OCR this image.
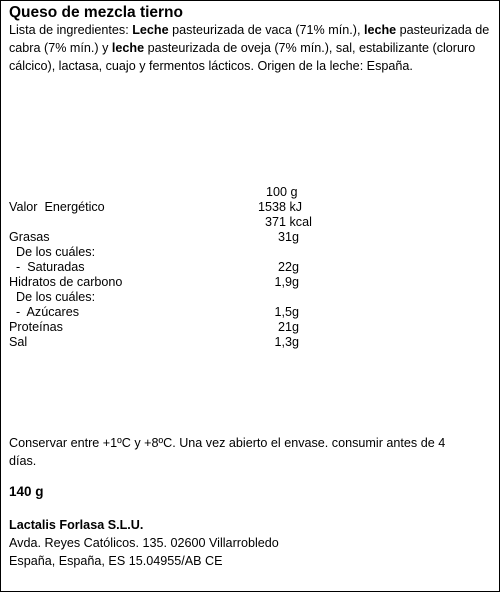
Queso de mezcla tierno
Lista de ingredientes: Leche pasteurizada de vaca (71% mín.), leche pasteurizada de cabra (7% mín.) y leche pasteurizada de oveja (7% mín.), sal, estabilizante (cloruro cálcico), lactasa, cuajo y fermentos lácticos. Origen de la leche: España.
100 g
Valor  Energético	1538 kJ
371 kcal
Grasas	31g
De los cuáles:
-  Saturadas	22g
Hidratos de carbono	1,9g
De los cuáles:
-  Azúcares	1,5g
Proteínas	21g
Sal	1,3g
Conservar entre +1ºC y +8ºC. Una vez abierto el envase. consumir antes de 4 días.
140 g
Lactalis Forlasa S.L.U.
Avda. Reyes Católicos. 135. 02600 Villarrobledo
España, España, ES 15.04955/AB CE
